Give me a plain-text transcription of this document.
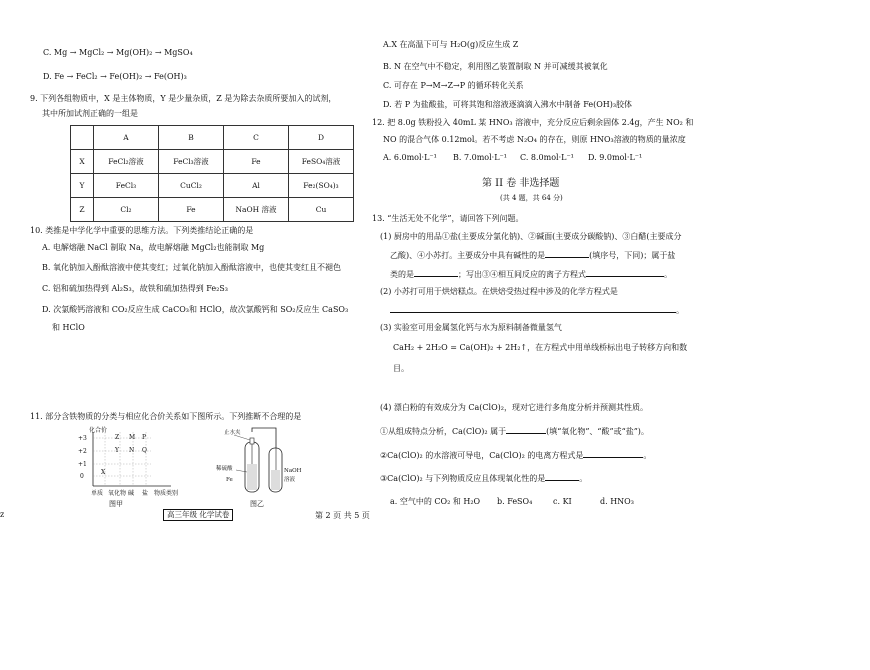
C. Mg → MgCl₂ → Mg(OH)₂ → MgSO₄
D. Fe → FeCl₂ → Fe(OH)₂ → Fe(OH)₃
9. 下列各组物质中，X 是主体物质，Y 是少量杂质，Z 是为除去杂质所要加入的试剂，
其中所加试剂正确的一组是
	A	B	C	D
X	FeCl₂溶液	FeCl₃溶液	Fe	FeSO₄溶液
Y	FeCl₃	CuCl₂	Al	Fe₂(SO₄)₃
Z	Cl₂	Fe	NaOH 溶液	Cu
10. 类推是中学化学中重要的思维方法。下列类推结论正确的是
A. 电解熔融 NaCl 制取 Na，故电解熔融 MgCl₂也能制取 Mg
B. 氧化钠加入酚酞溶液中使其变红；过氧化钠加入酚酞溶液中，也使其变红且不褪色
C. 铝和硫加热得到 Al₂S₃，故铁和硫加热得到 Fe₂S₃
D. 次氯酸钙溶液和 CO₂反应生成 CaCO₃和 HClO，故次氯酸钙和 SO₂反应生 CaSO₃
和 HClO
11. 部分含铁物质的分类与相应化合价关系如下图所示。下列推断不合理的是
化合价
+3
+2
+1
0
Z M P
Y N Q
X
单质 氧化物 碱 盐 物质类别
图甲
止水夹
稀硫酸
Fe
NaOH
溶液
图乙
A.X 在高温下可与 H₂O(g)反应生成 Z
B. N 在空气中不稳定，利用图乙装置制取 N 并可减缓其被氧化
C. 可存在 P→M→Z→P 的循环转化关系
D. 若 P 为盐酸盐，可将其饱和溶液逐滴滴入沸水中制备 Fe(OH)₃胶体
12. 把 8.0g 铁粉投入 40mL 某 HNO₃ 溶液中，充分反应后剩余固体 2.4g，产生 NO₂ 和
NO 的混合气体 0.12mol。若不考虑 N₂O₄ 的存在，则原 HNO₃溶液的物质的量浓度
A. 6.0mol·L⁻¹ B. 7.0mol·L⁻¹ C. 8.0mol·L⁻¹ D. 9.0mol·L⁻¹
第 II 卷 非选择题
(共 4 题，共 64 分)
13. “生活无处不化学”，请回答下列问题。
(1) 厨房中的用品①盐(主要成分氯化钠)、②碱面(主要成分碳酸钠)、③白醋(主要成分
乙酸)、④小苏打。主要成分中具有碱性的是	(填序号，下同)；属于盐
类的是	；写出③④相互间反应的离子方程式	。
(2) 小苏打可用于烘焙糕点。在烘焙受热过程中涉及的化学方程式是
。
(3) 实验室可用金属氢化钙与水为原料制备微量氢气
CaH₂ + 2H₂O = Ca(OH)₂ + 2H₂↑，在方程式中用单线桥标出电子转移方向和数
目。
(4) 漂白粉的有效成分为 Ca(ClO)₂，现对它进行多角度分析并预测其性质。
①从组成特点分析，Ca(ClO)₂ 属于	(填“氧化物”、“酸”或“盐”)。
②Ca(ClO)₂ 的水溶液可导电，Ca(ClO)₂ 的电离方程式是	。
③Ca(ClO)₂ 与下列物质反应且体现氧化性的是	。
a. 空气中的 CO₂ 和 H₂O b. FeSO₄	c. KI	d. HNO₃
z	高三年级 化学试卷	第 2 页 共 5 页
